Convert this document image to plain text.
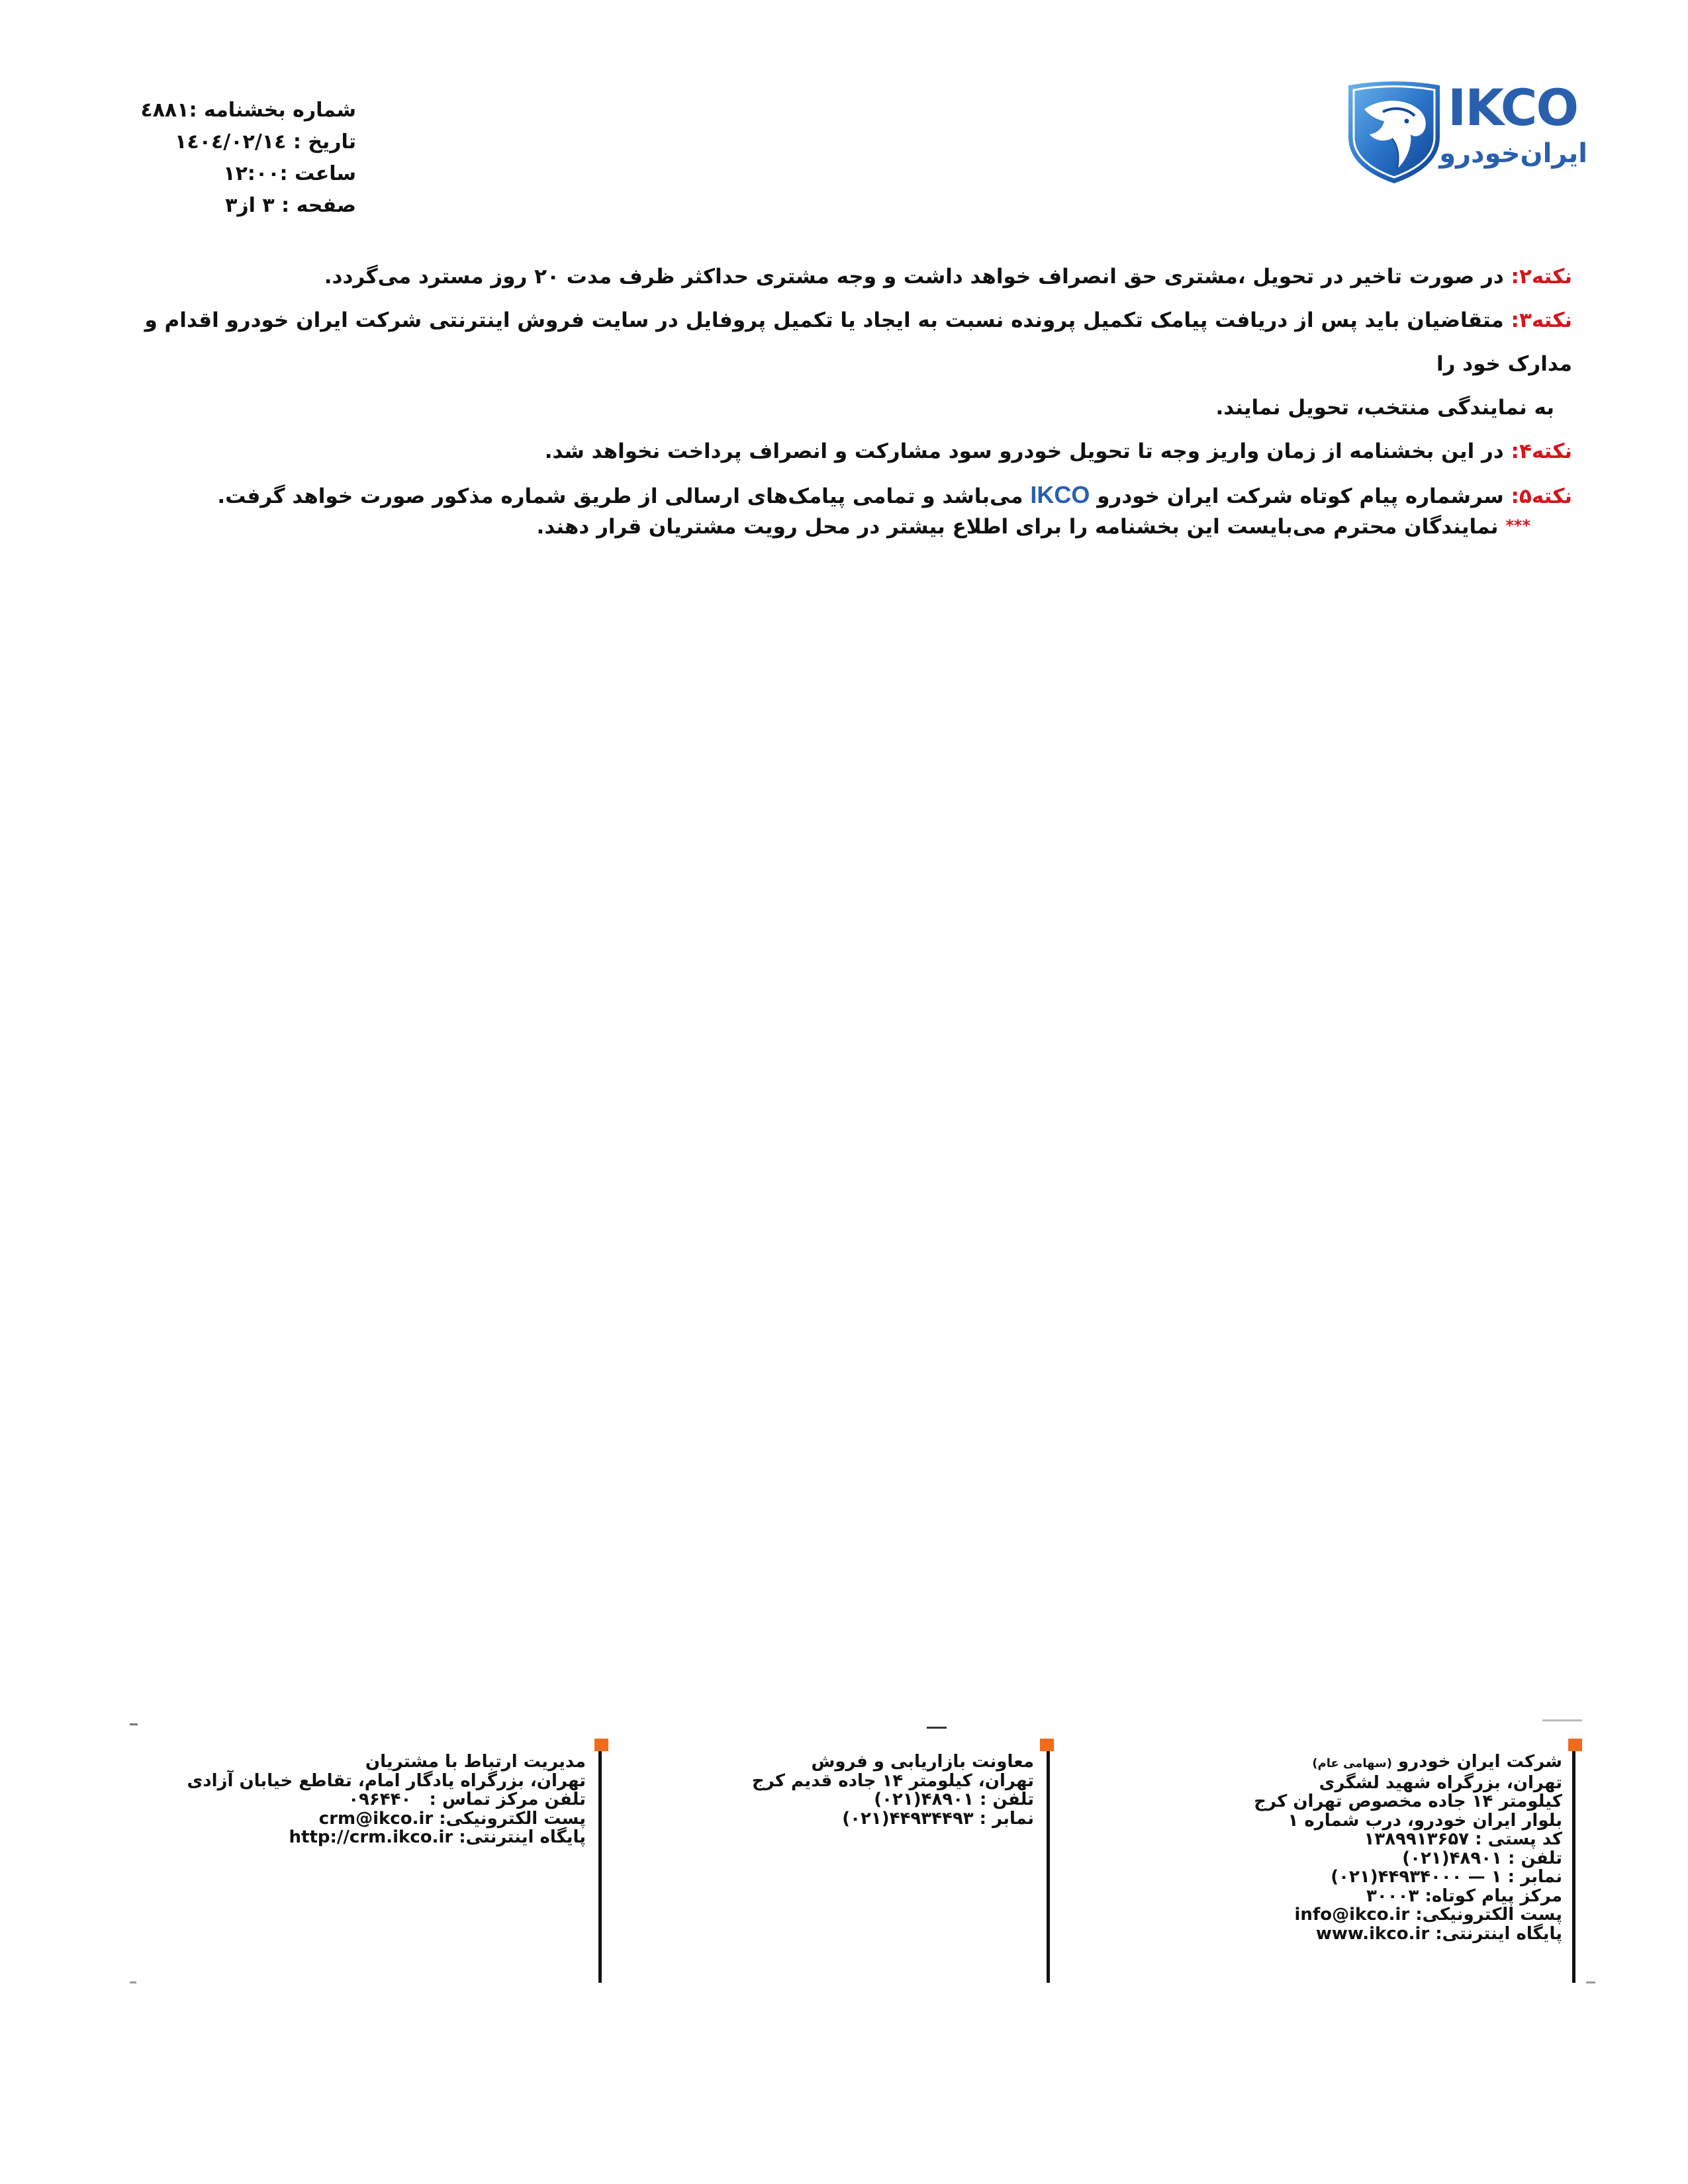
IKCO
ایران‌خودرو
شماره بخشنامه :٤٨٨١
تاریخ : ١٤٠٤/٠٢/١٤
ساعت :١٢:٠٠
صفحه : ٣ از٣

نکته۲: در صورت تاخیر در تحویل ،مشتری حق انصراف خواهد داشت و وجه مشتری حداکثر ظرف مدت ۲۰ روز مسترد می‌گردد.

نکته۳: متقاضیان باید پس از دریافت پیامک تکمیل پرونده نسبت به ایجاد یا تکمیل پروفایل در سایت فروش اینترنتی شرکت ایران خودرو اقدام و مدارک خود را
به نمایندگی منتخب، تحویل نمایند.

نکته۴: در این بخشنامه از زمان واریز وجه تا تحویل خودرو سود مشارکت و انصراف پرداخت نخواهد شد.

نکته۵: سرشماره پیام کوتاه شرکت ایران خودرو IKCO می‌باشد و تمامی پیامک‌های ارسالی از طریق شماره مذکور صورت خواهد گرفت.

*** نمایندگان محترم می‌بایست این بخشنامه را برای اطلاع بیشتر در محل رویت مشتریان قرار دهند.

مدیریت ارتباط با مشتریان
تهران، بزرگراه یادگار امام، تقاطع خیابان آزادی
تلفن مرکز تماس :   ۰۹۶۴۴۰
پست الکترونیکی: crm@ikco.ir
پایگاه اینترنتی: http://crm.ikco.ir
معاونت بازاریابی و فروش
تهران، کیلومتر ۱۴ جاده قدیم کرج
تلفن : ۴۸۹۰۱(۰۲۱)
نمابر : ۴۴۹۳۴۴۹۳(۰۲۱)
شرکت ایران خودرو (سهامی عام)
تهران، بزرگراه شهید لشگری
کیلومتر ۱۴ جاده مخصوص تهران کرج
بلوار ایران خودرو، درب شماره ۱
کد پستی : ۱۳۸۹۹۱۳۶۵۷
تلفن : ۴۸۹۰۱(۰۲۱)
نمابر : ۱ — ۴۴۹۳۴۰۰۰(۰۲۱)
مرکز پیام کوتاه: ۳۰۰۰۳
پست الکترونیکی: info@ikco.ir
پایگاه اینترنتی: www.ikco.ir
